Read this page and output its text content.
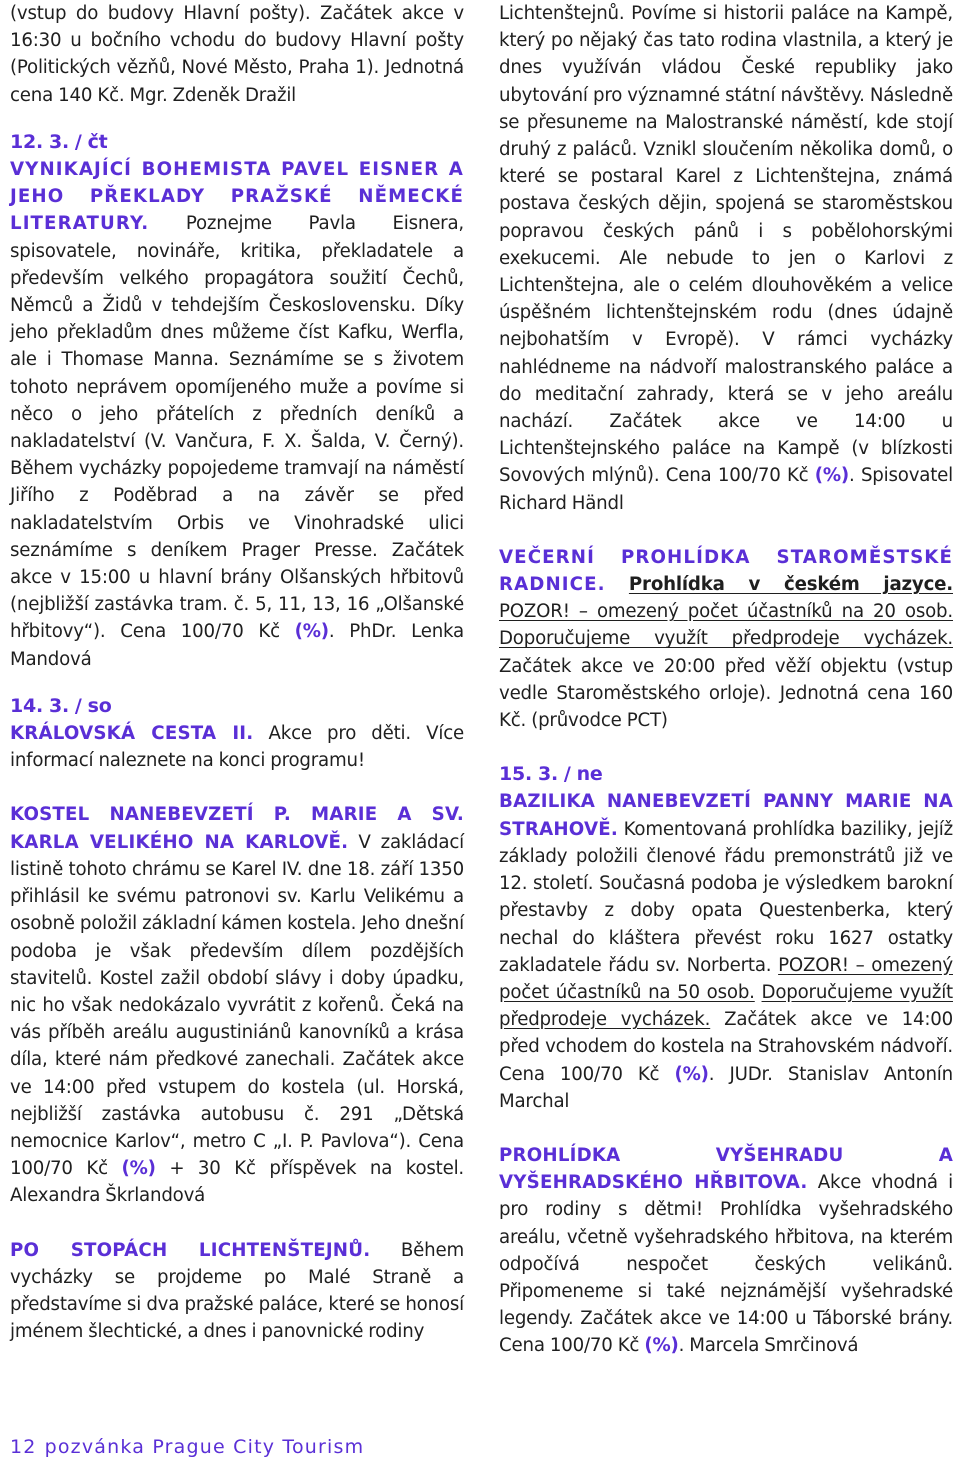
(vstup do budovy Hlavní pošty). Začátek akce v 16:30 u bočního vchodu do budovy Hlavní pošty (Politických vězňů, Nové Město, Praha 1). Jednotná cena 140 Kč. Mgr. Zdeněk Dražil

12. 3. / čt

VYNIKAJÍCÍ BOHEMISTA PAVEL EISNER A JEHO PŘEKLADY PRAŽSKÉ NĚMECKÉ LITERATURY. Poznejme Pavla Eisnera, spisovatele, novináře, kritika, překladatele a především velkého propagátora soužití Čechů, Němců a Židů v tehdejším Československu. Díky jeho překladům dnes můžeme číst Kafku, Werfla, ale i Thomase Manna. Seznámíme se s životem tohoto neprávem opomíjeného muže a povíme si něco o jeho přátelích z předních deníků a nakladatelství (V. Vančura, F. X. Šalda, V. Černý). Během vycházky popojedeme tramvají na náměstí Jiřího z Poděbrad a na závěr se před nakladatelstvím Orbis ve Vinohradské ulici seznámíme s deníkem Prager Presse. Začátek akce v 15:00 u hlavní brány Olšanských hřbitovů (nejbližší zastávka tram. č. 5, 11, 13, 16 „Olšanské hřbitovy“). Cena 100/70 Kč (%). PhDr. Lenka Mandová

14. 3. / so

KRÁLOVSKÁ CESTA II. Akce pro děti. Více informací naleznete na konci programu!

KOSTEL NANEBEVZETÍ P. MARIE A SV. KARLA VELIKÉHO NA KARLOVĚ. V zakládací listině tohoto chrámu se Karel IV. dne 18. září 1350 přihlásil ke svému patronovi sv. Karlu Velikému a osobně položil základní kámen kostela. Jeho dnešní podoba je však především dílem pozdějších stavitelů. Kostel zažil období slávy i doby úpadku, nic ho však nedokázalo vyvrátit z kořenů. Čeká na vás příběh areálu augustiniánů kanovníků a krása díla, které nám předkové zanechali. Začátek akce ve 14:00 před vstupem do kostela (ul. Horská, nejbližší zastávka autobusu č. 291 „Dětská nemocnice Karlov“, metro C „I. P. Pavlova“). Cena 100/70 Kč (%) + 30 Kč příspěvek na kostel. Alexandra Škrlandová

PO STOPÁCH LICHTENŠTEJNŮ. Během vycházky se projdeme po Malé Straně a představíme si dva pražské paláce, které se honosí jménem šlechtické, a dnes i panovnické rodiny

Lichtenštejnů. Povíme si historii paláce na Kampě, který po nějaký čas tato rodina vlastnila, a který je dnes využíván vládou České republiky jako ubytování pro významné státní návštěvy. Následně se přesuneme na Malostranské náměstí, kde stojí druhý z paláců. Vznikl sloučením několika domů, o které se postaral Karel z Lichtenštejna, známá postava českých dějin, spojená se staroměstskou popravou českých pánů i s pobělohorskými exekucemi. Ale nebude to jen o Karlovi z Lichtenštejna, ale o celém dlouhověkém a velice úspěšném lichtenštejnském rodu (dnes údajně nejbohatším v Evropě). V rámci vycházky nahlédneme na nádvoří malostranského paláce a do meditační zahrady, která se v jeho areálu nachází. Začátek akce ve 14:00 u Lichtenštejnského paláce na Kampě (v blízkosti Sovových mlýnů). Cena 100/70 Kč (%). Spisovatel Richard Händl

VEČERNÍ PROHLÍDKA STAROMĚSTSKÉ RADNICE. Prohlídka v českém jazyce. POZOR! – omezený počet účastníků na 20 osob. Doporučujeme využít předprodeje vycházek. Začátek akce ve 20:00 před věží objektu (vstup vedle Staroměstského orloje). Jednotná cena 160 Kč. (průvodce PCT)

15. 3. / ne

BAZILIKA NANEBEVZETÍ PANNY MARIE NA STRAHOVĚ. Komentovaná prohlídka baziliky, jejíž základy položili členové řádu premonstrátů již ve 12. století. Současná podoba je výsledkem barokní přestavby z doby opata Questenberka, který nechal do kláštera převést roku 1627 ostatky zakladatele řádu sv. Norberta. POZOR! – omezený počet účastníků na 50 osob. Doporučujeme využít předprodeje vycházek. Začátek akce ve 14:00 před vchodem do kostela na Strahovském nádvoří. Cena 100/70 Kč (%). JUDr. Stanislav Antonín Marchal

PROHLÍDKA VYŠEHRADU A VYŠEHRADSKÉHO HŘBITOVA. Akce vhodná i pro rodiny s dětmi! Prohlídka vyšehradského areálu, včetně vyšehradského hřbitova, na kterém odpočívá nespočet českých velikánů. Připomeneme si také nejznámější vyšehradské legendy. Začátek akce ve 14:00 u Táborské brány. Cena 100/70 Kč (%). Marcela Smrčinová

12 pozvánka Prague City Tourism
